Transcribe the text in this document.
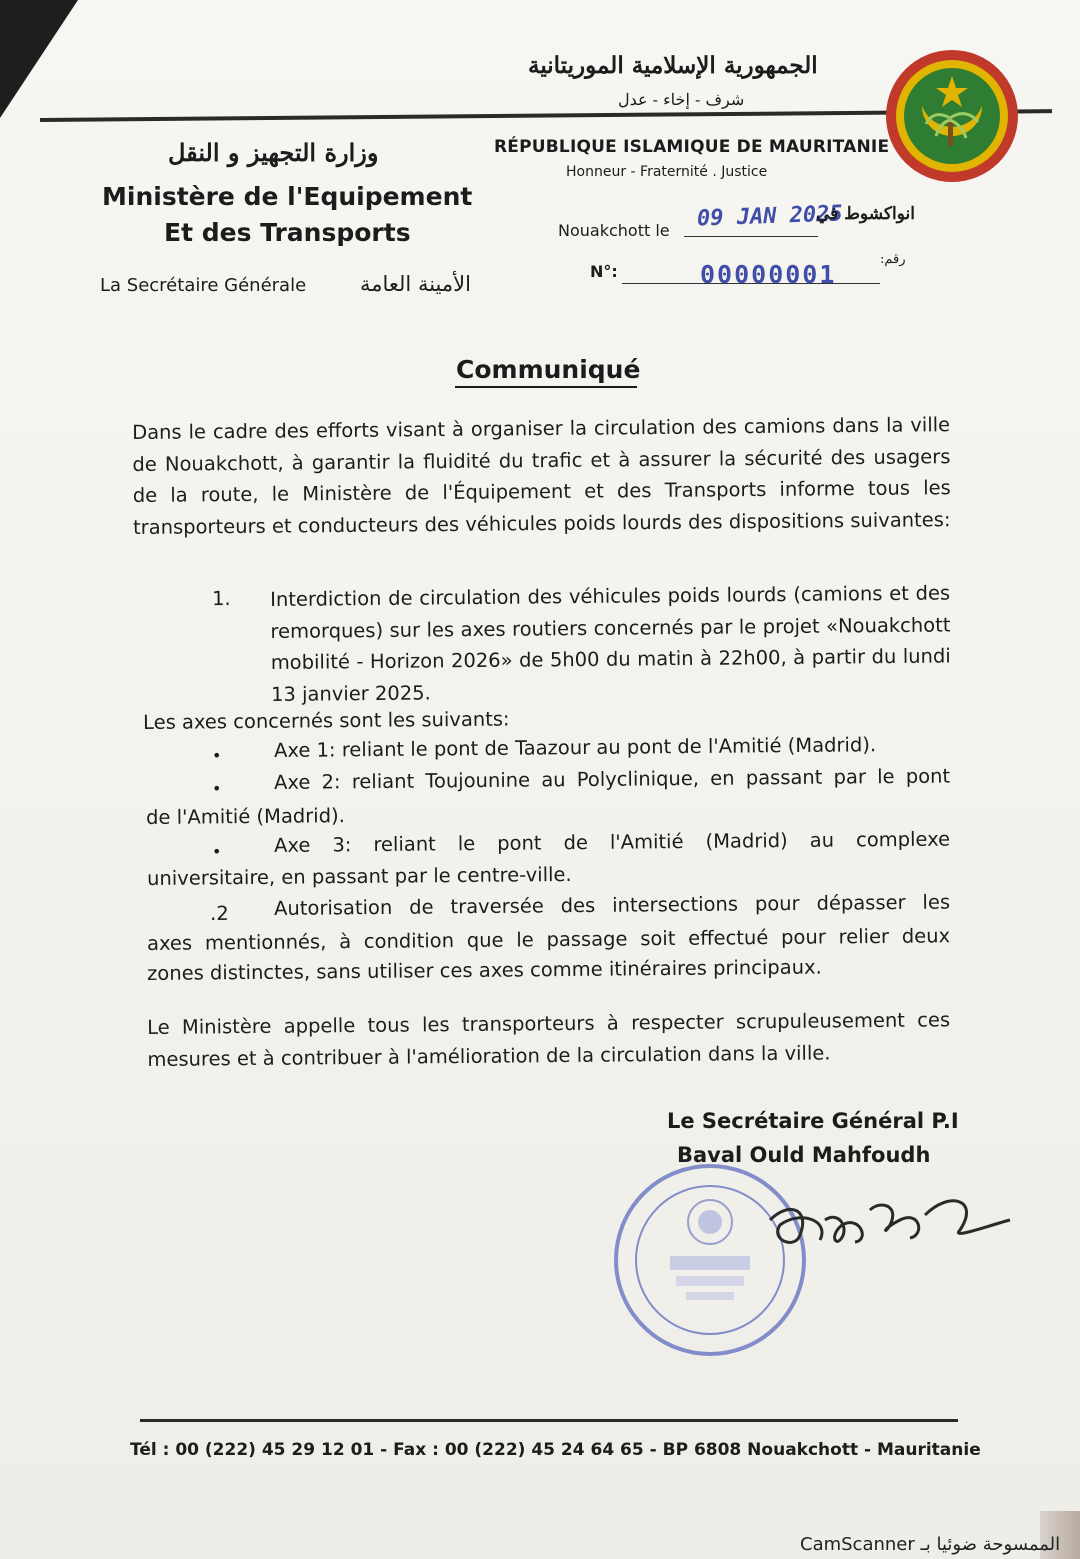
الجمهورية الإسلامية الموريتانية
شرف - إخاء - عدل
وزارة التجهيز و النقل
Ministère de l'Equipement
Et des Transports
La Secrétaire Générale	الأمينة العامة
RÉPUBLIQUE ISLAMIQUE DE MAURITANIE
Honneur - Fraternité . Justice
Nouakchott le 09 JAN 2025
انواكشوط في
N°:	00000001
رقم:
Communiqué
Dans le cadre des efforts visant à organiser la circulation des camions dans la ville de Nouakchott, à garantir la fluidité du trafic et à assurer la sécurité des usagers de la route, le Ministère de l'Équipement et des Transports informe tous les transporteurs et conducteurs des véhicules poids lourds des dispositions suivantes:
1. Interdiction de circulation des véhicules poids lourds (camions et des remorques) sur les axes routiers concernés par le projet «Nouakchott mobilité - Horizon 2026» de 5h00 du matin à 22h00, à partir du lundi 13 janvier 2025.
Les axes concernés sont les suivants:
•	Axe 1: reliant le pont de Taazour au pont de l'Amitié (Madrid).
•	Axe 2: reliant Toujounine au Polyclinique, en passant par le pont
de l'Amitié (Madrid).
•	Axe 3: reliant le pont de l'Amitié (Madrid) au complexe
universitaire, en passant par le centre-ville.
.2 Autorisation de traversée des intersections pour dépasser les
axes mentionnés, à condition que le passage soit effectué pour relier deux
zones distinctes, sans utiliser ces axes comme itinéraires principaux.
Le Ministère appelle tous les transporteurs à respecter scrupuleusement ces mesures et à contribuer à l'amélioration de la circulation dans la ville.
Le Secrétaire Général P.I
Baval Ould Mahfoudh
Tél : 00 (222) 45 29 12 01 - Fax : 00 (222) 45 24 64 65 - BP 6808 Nouakchott - Mauritanie
الممسوحة ضوئيا بـ CamScanner
